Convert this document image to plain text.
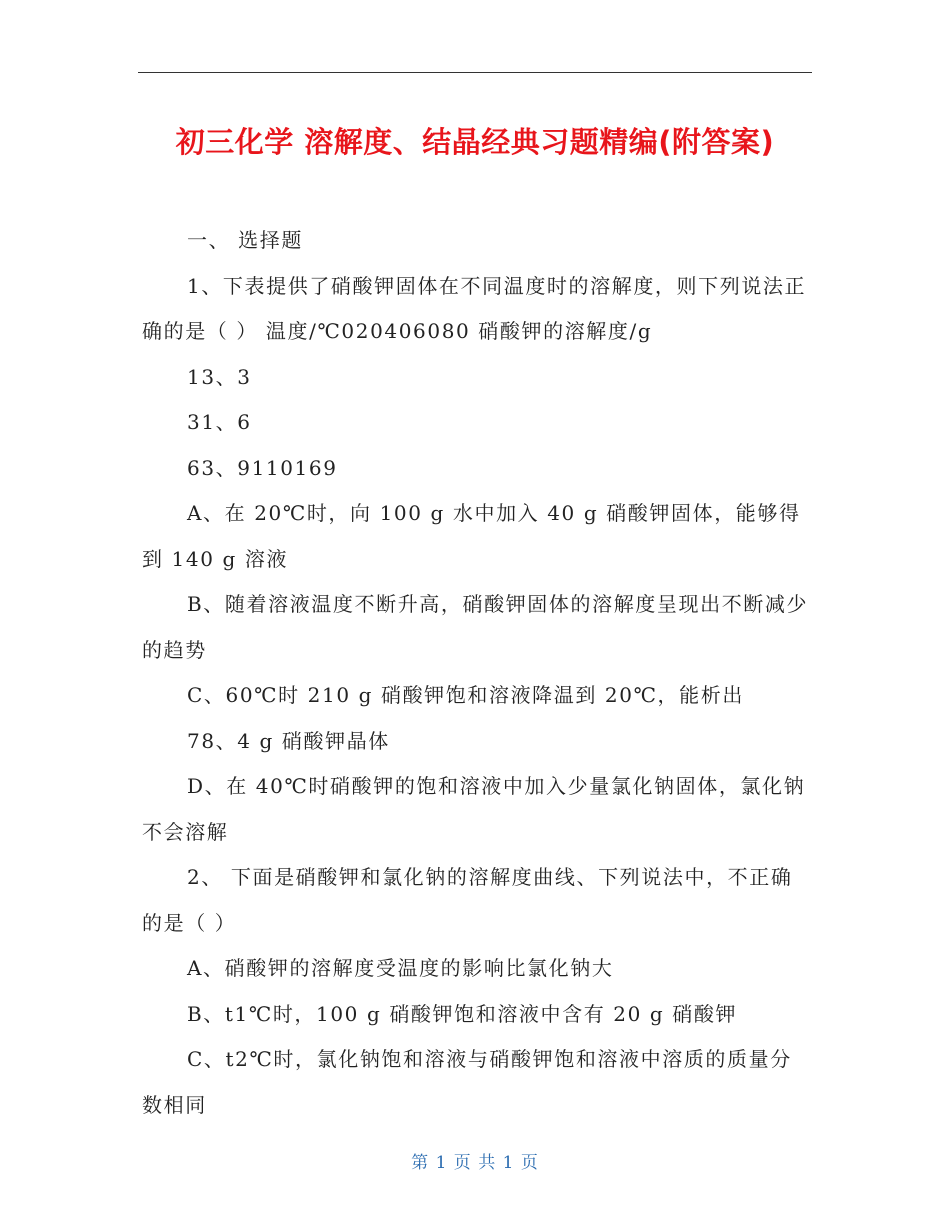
初三化学 溶解度、结晶经典习题精编(附答案)

一、 选择题

1、下表提供了硝酸钾固体在不同温度时的溶解度，则下列说法正确的是（ ） 温度/℃020406080 硝酸钾的溶解度/g

13、3

31、6

63、9110169

A、在 20℃时，向 100 g 水中加入 40 g 硝酸钾固体，能够得到 140 g 溶液

B、随着溶液温度不断升高，硝酸钾固体的溶解度呈现出不断减少的趋势

C、60℃时 210 g 硝酸钾饱和溶液降温到 20℃，能析出

78、4 g 硝酸钾晶体

D、在 40℃时硝酸钾的饱和溶液中加入少量氯化钠固体，氯化钠不会溶解

2、 下面是硝酸钾和氯化钠的溶解度曲线、下列说法中，不正确的是（ ）

A、硝酸钾的溶解度受温度的影响比氯化钠大

B、t1℃时，100 g 硝酸钾饱和溶液中含有 20 g 硝酸钾

C、t2℃时，氯化钠饱和溶液与硝酸钾饱和溶液中溶质的质量分数相同

第 1 页 共 1 页
